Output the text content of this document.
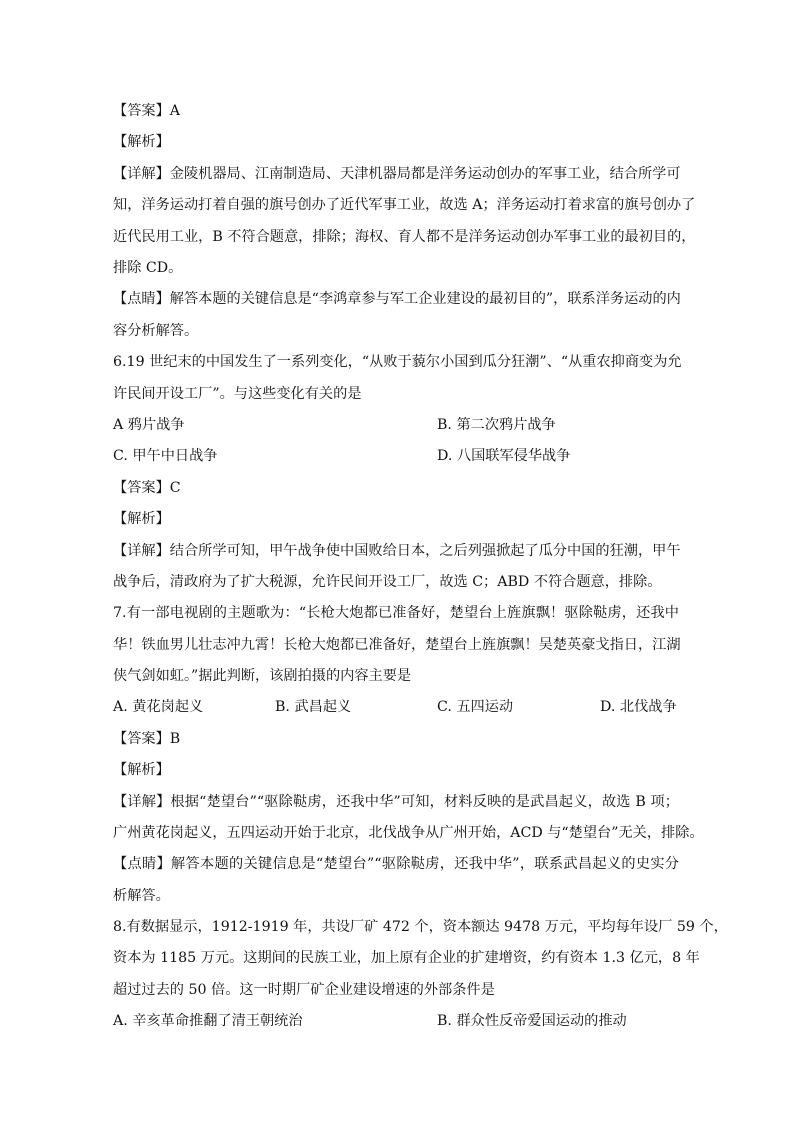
【答案】A
【解析】
【详解】金陵机器局、江南制造局、天津机器局都是洋务运动创办的军事工业，结合所学可
知，洋务运动打着自强的旗号创办了近代军事工业，故选 A；洋务运动打着求富的旗号创办了
近代民用工业，B 不符合题意，排除；海权、育人都不是洋务运动创办军事工业的最初目的，
排除 CD。
【点睛】解答本题的关键信息是“李鸿章参与军工企业建设的最初目的”，联系洋务运动的内
容分析解答。
6.19 世纪末的中国发生了一系列变化，“从败于藐尔小国到瓜分狂潮”、“从重农抑商变为允
许民间开设工厂”。与这些变化有关的是
A 鸦片战争	B. 第二次鸦片战争
C. 甲午中日战争	D. 八国联军侵华战争
【答案】C
【解析】
【详解】结合所学可知，甲午战争使中国败给日本，之后列强掀起了瓜分中国的狂潮，甲午
战争后，清政府为了扩大税源，允许民间开设工厂，故选 C；ABD 不符合题意，排除。
7.有一部电视剧的主题歌为：“长枪大炮都已准备好，楚望台上旌旗飘！驱除鞑虏，还我中
华！铁血男儿壮志冲九霄！长枪大炮都已准备好，楚望台上旌旗飘！吴楚英豪戈指日，江湖
侠气剑如虹。”据此判断，该剧拍摄的内容主要是
A. 黄花岗起义	B. 武昌起义	C. 五四运动	D. 北伐战争
【答案】B
【解析】
【详解】根据“楚望台”“驱除鞑虏，还我中华”可知，材料反映的是武昌起义，故选 B 项；
广州黄花岗起义，五四运动开始于北京，北伐战争从广州开始，ACD 与“楚望台”无关，排除。
【点睛】解答本题的关键信息是“楚望台”“驱除鞑虏，还我中华”，联系武昌起义的史实分
析解答。
8.有数据显示，1912-1919 年，共设厂矿 472 个，资本额达 9478 万元，平均每年设厂 59 个，
资本为 1185 万元。这期间的民族工业，加上原有企业的扩建增资，约有资本 1.3 亿元，8 年
超过过去的 50 倍。这一时期厂矿企业建设增速的外部条件是
A. 辛亥革命推翻了清王朝统治	B. 群众性反帝爱国运动的推动
